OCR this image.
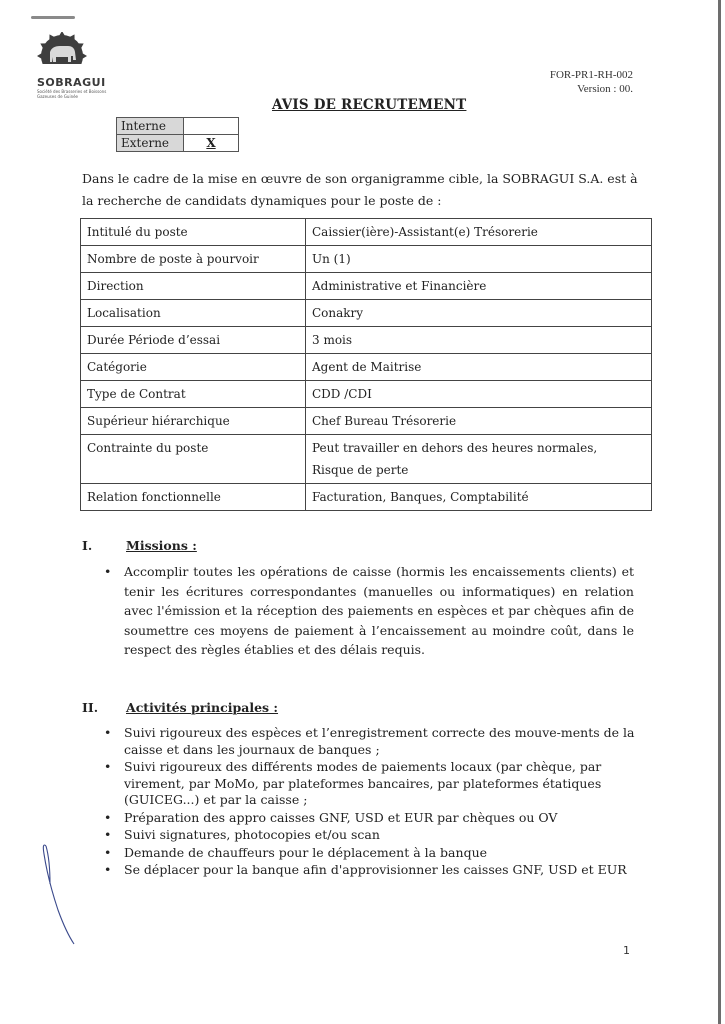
SOBRAGUI
Société des Brasseries et Boissons Gazeuses de Guinée
FOR-PR1-RH-002
Version : 00.
AVIS DE RECRUTEMENT
Interne	
Externe	X
Dans le cadre de la mise en œuvre de son organigramme cible, la SOBRAGUI S.A. est à la recherche de candidats dynamiques pour le poste de :
Intitulé du poste	Caissier(ière)-Assistant(e) Trésorerie
Nombre de poste à pourvoir	Un (1)
Direction	Administrative et Financière
Localisation	Conakry
Durée Période d’essai	3 mois
Catégorie	Agent de Maitrise
Type de Contrat	CDD /CDI
Supérieur hiérarchique	Chef Bureau Trésorerie
Contrainte du poste	Peut travailler en dehors des heures normales,
Risque de perte

Relation fonctionnelle	Facturation, Banques, Comptabilité
I.	Missions :
• Accomplir toutes les opérations de caisse (hormis les encaissements clients) et tenir les écritures correspondantes (manuelles ou informatiques) en relation avec l'émission et la réception des paiements en espèces et par chèques afin de soumettre ces moyens de paiement à l’encaissement au moindre coût, dans le respect des règles établies et des délais requis.
II. Activités principales :
• Suivi rigoureux des espèces et l’enregistrement correcte des mouve-ments de la caisse et dans les journaux de banques ;
• Suivi rigoureux des différents modes de paiements locaux (par chèque, par virement, par MoMo, par plateformes bancaires, par plateformes étatiques (GUICEG...) et par la caisse ;
• Préparation des appro caisses GNF, USD et EUR par chèques ou OV
• Suivi signatures, photocopies et/ou scan
• Demande de chauffeurs pour le déplacement à la banque
• Se déplacer pour la banque afin d'approvisionner les caisses GNF, USD et EUR
1
